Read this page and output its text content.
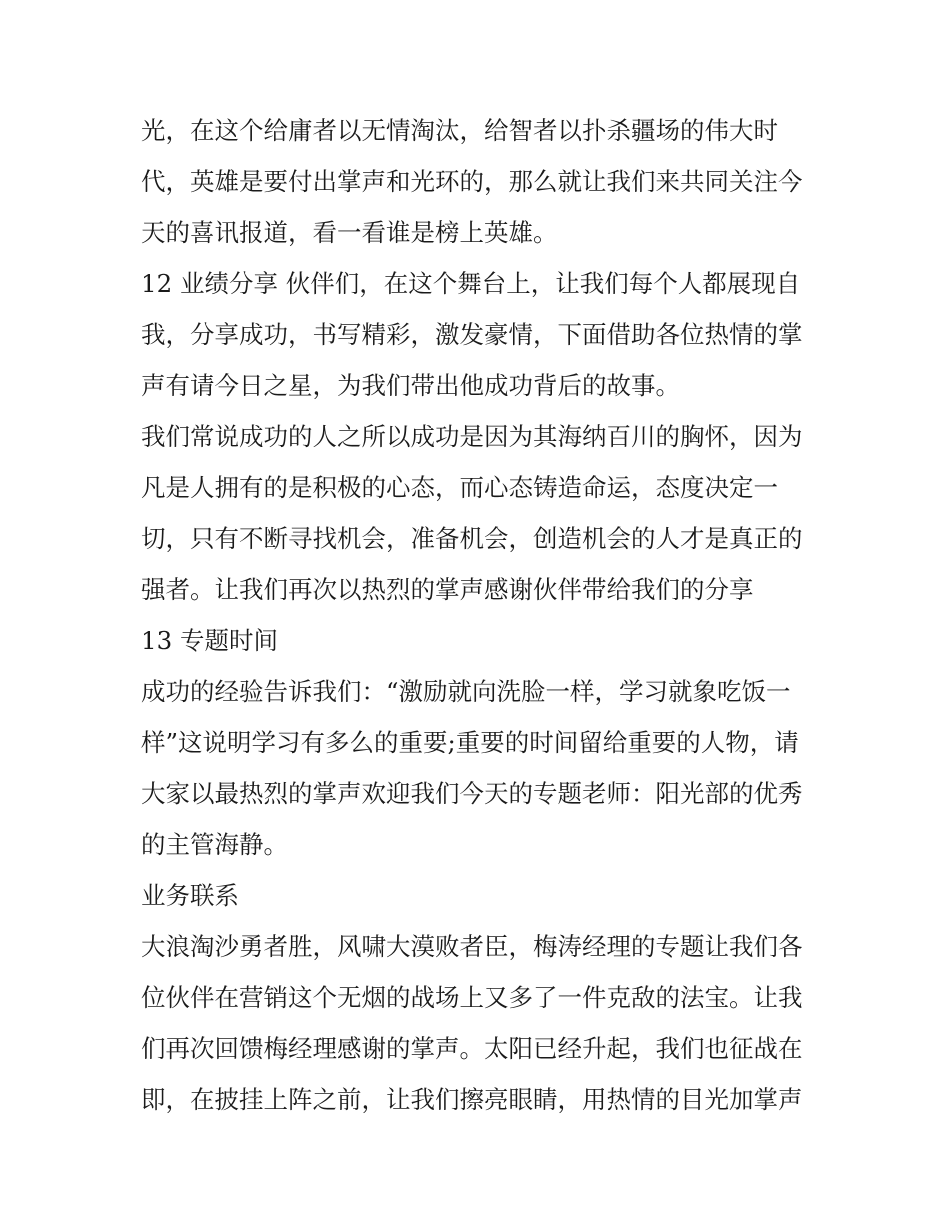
光，在这个给庸者以无情淘汰，给智者以扑杀疆场的伟大时
代，英雄是要付出掌声和光环的，那么就让我们来共同关注今
天的喜讯报道，看一看谁是榜上英雄。
12 业绩分享 伙伴们，在这个舞台上，让我们每个人都展现自
我，分享成功，书写精彩，激发豪情，下面借助各位热情的掌
声有请今日之星，为我们带出他成功背后的故事。
我们常说成功的人之所以成功是因为其海纳百川的胸怀，因为
凡是人拥有的是积极的心态，而心态铸造命运，态度决定一
切，只有不断寻找机会，准备机会，创造机会的人才是真正的
强者。让我们再次以热烈的掌声感谢伙伴带给我们的分享
13 专题时间
成功的经验告诉我们：“激励就向洗脸一样，学习就象吃饭一
样”这说明学习有多么的重要;重要的时间留给重要的人物，请
大家以最热烈的掌声欢迎我们今天的专题老师：阳光部的优秀
的主管海静。
业务联系
大浪淘沙勇者胜，风啸大漠败者臣，梅涛经理的专题让我们各
位伙伴在营销这个无烟的战场上又多了一件克敌的法宝。让我
们再次回馈梅经理感谢的掌声。太阳已经升起，我们也征战在
即，在披挂上阵之前，让我们擦亮眼睛，用热情的目光加掌声
